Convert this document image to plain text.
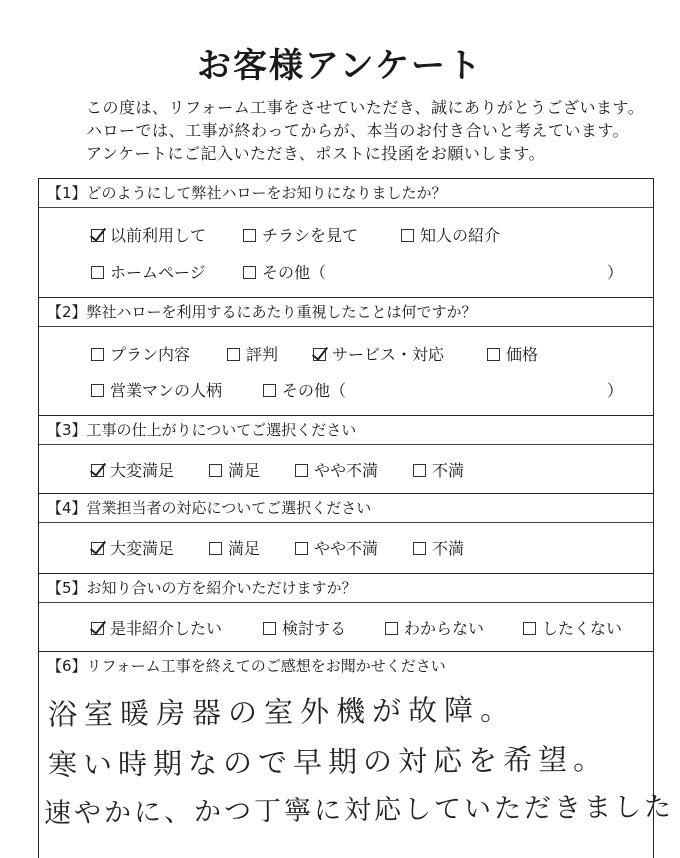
お客様アンケート
この度は、リフォーム工事をさせていただき、誠にありがとうございます。
ハローでは、工事が終わってからが、本当のお付き合いと考えています。
アンケートにご記入いただき、ポストに投函をお願いします。
【1】どのようにして弊社ハローをお知りになりましたか？
以前利用して	チラシを見て	知人の紹介
ホームページ	その他（	）
【2】弊社ハローを利用するにあたり重視したことは何ですか？
プラン内容	評判	サービス・対応	価格
営業マンの人柄	その他（	）
【3】工事の仕上がりについてご選択ください
大変満足	満足	やや不満	不満
【4】営業担当者の対応についてご選択ください
大変満足	満足	やや不満	不満
【5】お知り合いの方を紹介いただけますか？
是非紹介したい	検討する	わからない	したくない
【6】リフォーム工事を終えてのご感想をお聞かせください
浴室暖房器の室外機が故障。
寒い時期なので早期の対応を希望。
速やかに、かつ丁寧に対応していただきました
